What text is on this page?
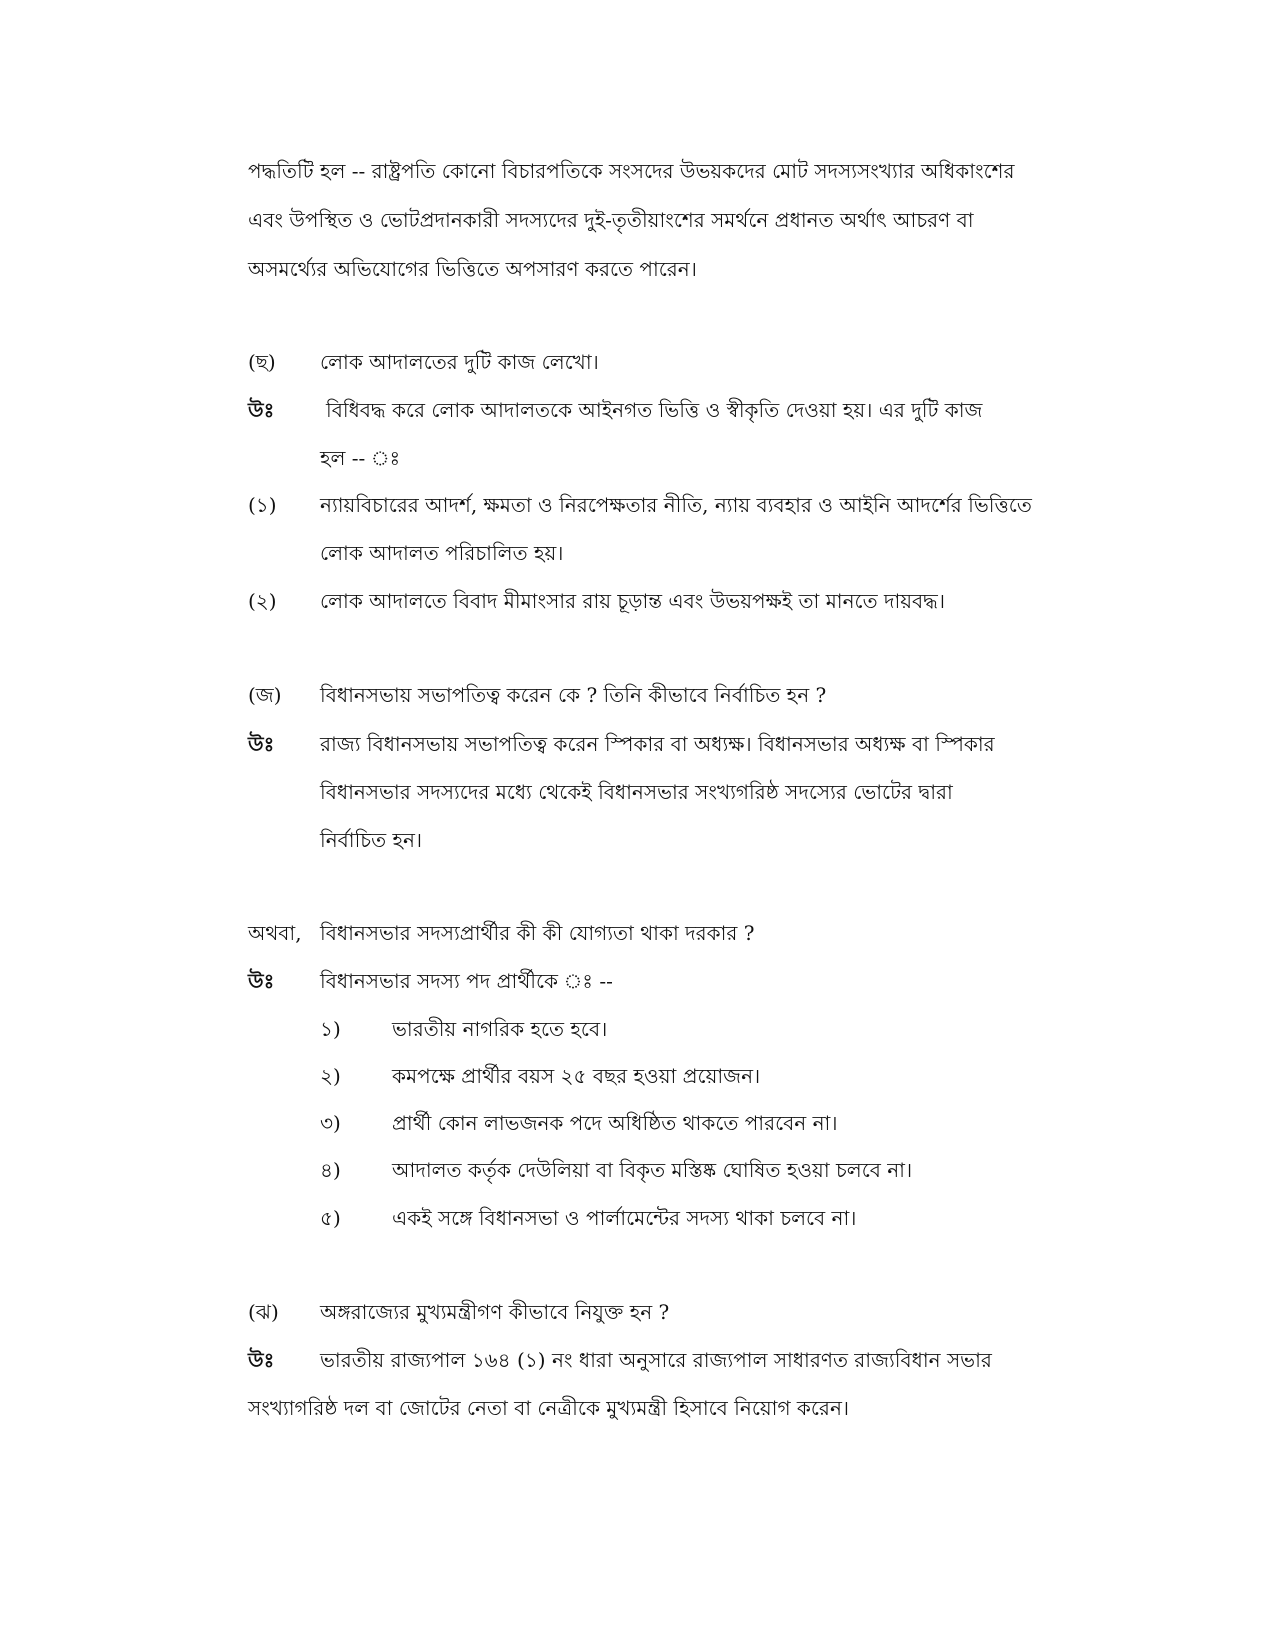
পদ্ধতিটি হল -- রাষ্ট্রপতি কোনো বিচারপতিকে সংসদের উভয়কদের মোট সদস্যসংখ্যার অধিকাংশের
এবং উপস্থিত ও ভোটপ্রদানকারী সদস্যদের দুই-তৃতীয়াংশের সমর্থনে প্রধানত অর্থাৎ আচরণ বা
অসমর্থ্যের অভিযোগের ভিত্তিতে অপসারণ করতে পারেন।
(ছ) লোক আদালতের দুটি কাজ লেখো।
উঃ	বিধিবদ্ধ করে লোক আদালতকে আইনগত ভিত্তি ও স্বীকৃতি দেওয়া হয়। এর দুটি কাজ
হল -- ঃ
(১) ন্যায়বিচারের আদর্শ, ক্ষমতা ও নিরপেক্ষতার নীতি, ন্যায় ব্যবহার ও আইনি আদর্শের ভিত্তিতে
লোক আদালত পরিচালিত হয়।
(২) লোক আদালতে বিবাদ মীমাংসার রায় চূড়ান্ত এবং উভয়পক্ষই তা মানতে দায়বদ্ধ।
(জ) বিধানসভায় সভাপতিত্ব করেন কে ? তিনি কীভাবে নির্বাচিত হন ?
উঃ রাজ্য বিধানসভায় সভাপতিত্ব করেন স্পিকার বা অধ্যক্ষ। বিধানসভার অধ্যক্ষ বা স্পিকার
বিধানসভার সদস্যদের মধ্যে থেকেই বিধানসভার সংখ্যগরিষ্ঠ সদস্যের ভোটের দ্বারা
নির্বাচিত হন।
অথবা, বিধানসভার সদস্যপ্রার্থীর কী কী যোগ্যতা থাকা দরকার ?
উঃ বিধানসভার সদস্য পদ প্রার্থীকে ঃ --
১)	ভারতীয় নাগরিক হতে হবে।
২)	কমপক্ষে প্রার্থীর বয়স ২৫ বছর হওয়া প্রয়োজন।
৩)	প্রার্থী কোন লাভজনক পদে অধিষ্ঠিত থাকতে পারবেন না।
৪)	আদালত কর্তৃক দেউলিয়া বা বিকৃত মস্তিষ্ক ঘোষিত হওয়া চলবে না।
৫)	একই সঙ্গে বিধানসভা ও পার্লামেন্টের সদস্য থাকা চলবে না।
(ঝ) অঙ্গরাজ্যের মুখ্যমন্ত্রীগণ কীভাবে নিযুক্ত হন ?
উঃ ভারতীয় রাজ্যপাল ১৬৪ (১) নং ধারা অনুসারে রাজ্যপাল সাধারণত রাজ্যবিধান সভার
সংখ্যাগরিষ্ঠ দল বা জোটের নেতা বা নেত্রীকে মুখ্যমন্ত্রী হিসাবে নিয়োগ করেন।
